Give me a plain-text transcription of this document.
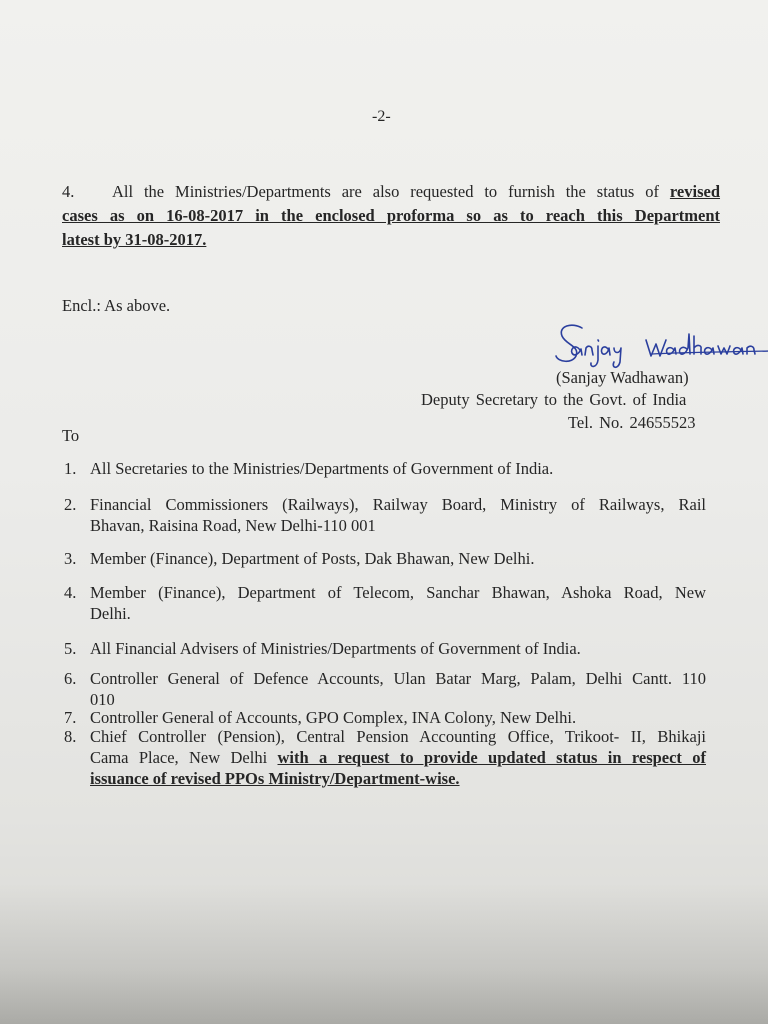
-2-
4. All the Ministries/Departments are also requested to furnish the status of revised
cases as on 16-08-2017 in the enclosed proforma so as to reach this Department
latest by 31-08-2017.
Encl.: As above.
(Sanjay Wadhawan)
Deputy Secretary to the Govt. of India
Tel. No. 24655523
To
1. All Secretaries to the Ministries/Departments of Government of India.
2. Financial Commissioners (Railways), Railway Board, Ministry of Railways, Rail
Bhavan, Raisina Road, New Delhi-110 001
3. Member (Finance), Department of Posts, Dak Bhawan, New Delhi.
4. Member (Finance), Department of Telecom, Sanchar Bhawan, Ashoka Road, New
Delhi.
5. All Financial Advisers of Ministries/Departments of Government of India.
6. Controller General of Defence Accounts, Ulan Batar Marg, Palam, Delhi Cantt. 110
010
7. Controller General of Accounts, GPO Complex, INA Colony, New Delhi.
8. Chief Controller (Pension), Central Pension Accounting Office, Trikoot- II, Bhikaji
Cama Place, New Delhi with a request to provide updated status in respect of
issuance of revised PPOs Ministry/Department-wise.
